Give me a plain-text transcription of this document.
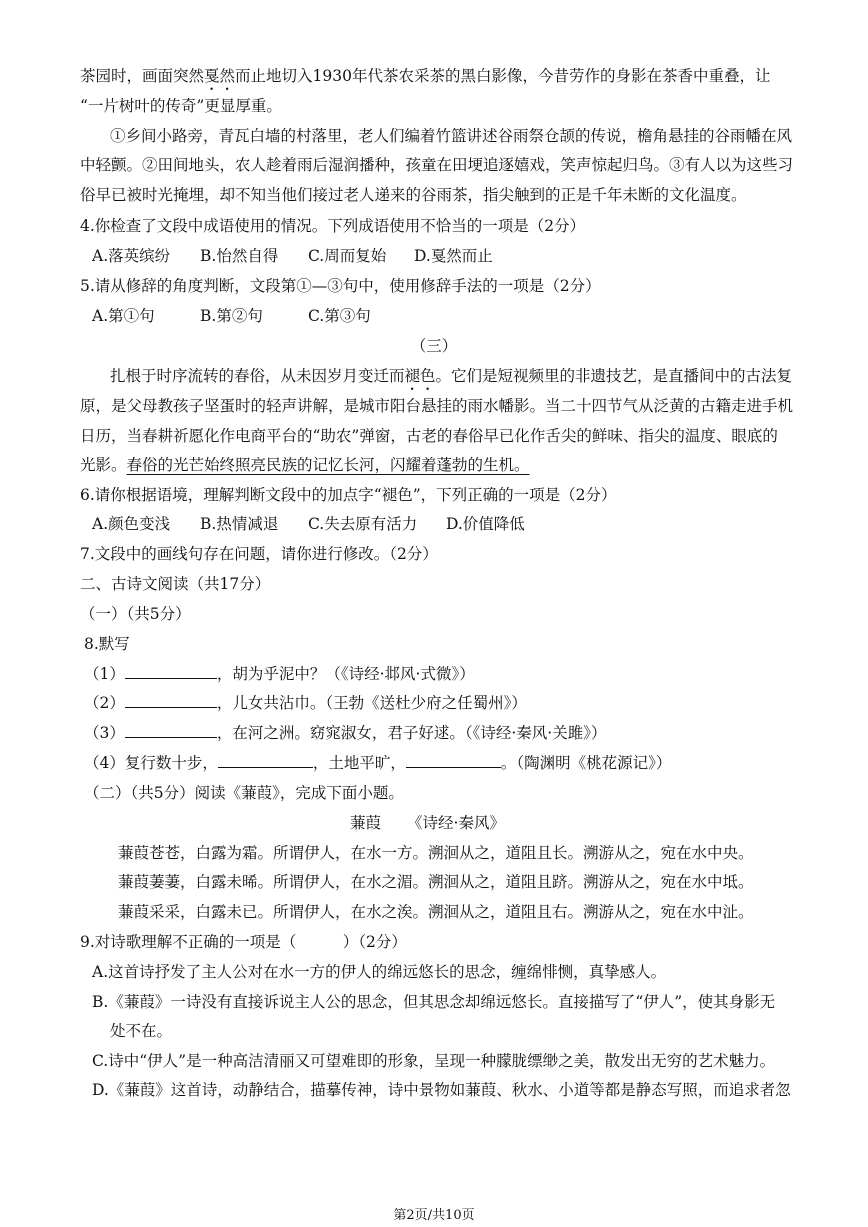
茶园时，画面突然戛然而止地切入1930年代茶农采茶的黑白影像，今昔劳作的身影在茶香中重叠，让
“一片树叶的传奇”更显厚重。
①乡间小路旁，青瓦白墙的村落里，老人们编着竹篮讲述谷雨祭仓颉的传说，檐角悬挂的谷雨幡在风
中轻颤。②田间地头，农人趁着雨后湿润播种，孩童在田埂追逐嬉戏，笑声惊起归鸟。③有人以为这些习
俗早已被时光掩埋，却不知当他们接过老人递来的谷雨茶，指尖触到的正是千年未断的文化温度。
4.你检查了文段中成语使用的情况。下列成语使用不恰当的一项是（2分）
A.落英缤纷 B.怡然自得 C.周而复始 D.戛然而止
5.请从修辞的角度判断，文段第①—③句中，使用修辞手法的一项是（2分）
A.第①句	B.第②句	C.第③句
（三）
扎根于时序流转的春俗，从未因岁月变迁而褪色。它们是短视频里的非遗技艺，是直播间中的古法复
原，是父母教孩子坚蛋时的轻声讲解，是城市阳台悬挂的雨水幡影。当二十四节气从泛黄的古籍走进手机
日历，当春耕祈愿化作电商平台的“助农”弹窗，古老的春俗早已化作舌尖的鲜味、指尖的温度、眼底的
光影。春俗的光芒始终照亮民族的记忆长河，闪耀着蓬勃的生机。
6.请你根据语境，理解判断文段中的加点字“褪色”，下列正确的一项是（2分）
A.颜色变浅 B.热情减退 C.失去原有活力 D.价值降低
7.文段中的画线句存在问题，请你进行修改。（2分）
二、古诗文阅读（共17分）
（一）（共5分）
8.默写
（1）	，胡为乎泥中？（《诗经·邶风·式微》）
（2）	，儿女共沾巾。（王勃《送杜少府之任蜀州》）
（3）	，在河之洲。窈窕淑女，君子好逑。（《诗经·秦风·关雎》）
（4）复行数十步，	，土地平旷，	。（陶渊明《桃花源记》）
（二）（共5分）阅读《蒹葭》，完成下面小题。
蒹葭 《诗经·秦风》
蒹葭苍苍，白露为霜。所谓伊人，在水一方。溯洄从之，道阻且长。溯游从之，宛在水中央。
蒹葭萋萋，白露未晞。所谓伊人，在水之湄。溯洄从之，道阻且跻。溯游从之，宛在水中坻。
蒹葭采采，白露未已。所谓伊人，在水之涘。溯洄从之，道阻且右。溯游从之，宛在水中沚。
9.对诗歌理解不正确的一项是（　　　）（2分）
A.这首诗抒发了主人公对在水一方的伊人的绵远悠长的思念，缠绵悱恻，真挚感人。
B.《蒹葭》一诗没有直接诉说主人公的思念，但其思念却绵远悠长。直接描写了“伊人”，使其身影无
处不在。
C.诗中“伊人”是一种高洁清丽又可望难即的形象，呈现一种朦胧缥缈之美，散发出无穷的艺术魅力。
D.《蒹葭》这首诗，动静结合，描摹传神，诗中景物如蒹葭、秋水、小道等都是静态写照，而追求者忽
第2页/共10页
